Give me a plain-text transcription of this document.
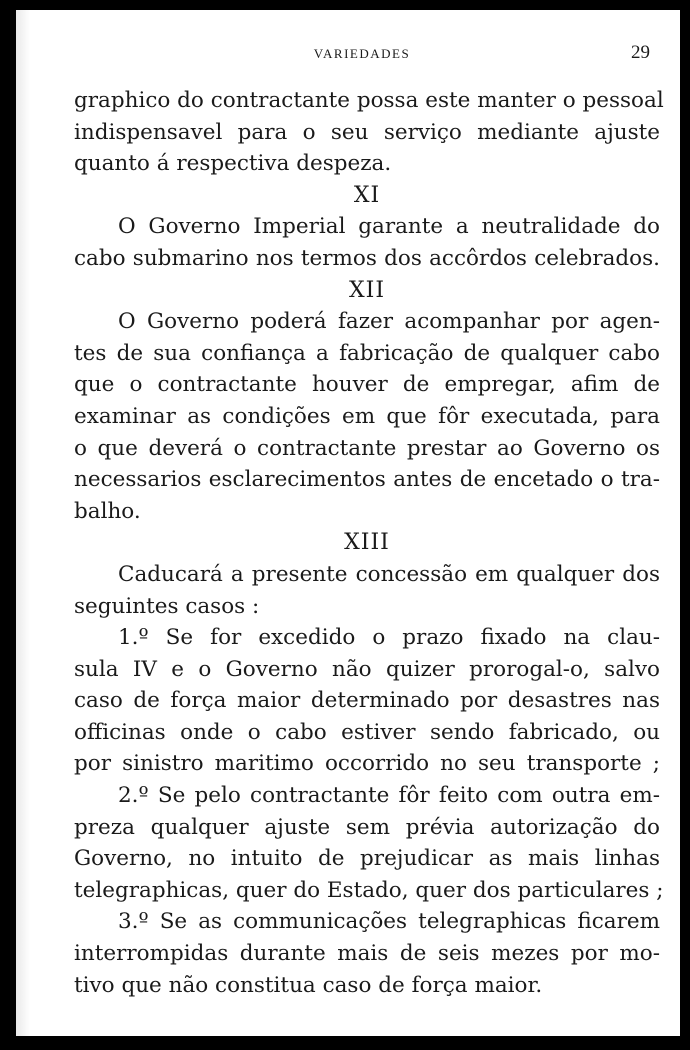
VARIEDADES	29
graphico do contractante possa este manter o pessoal
indispensavel para o seu serviço mediante ajuste
quanto á respectiva despeza.
XI
O Governo Imperial garante a neutralidade do
cabo submarino nos termos dos accôrdos celebrados.
XII
O Governo poderá fazer acompanhar por agen-
tes de sua confiança a fabricação de qualquer cabo
que o contractante houver de empregar, afim de
examinar as condições em que fôr executada, para
o que deverá o contractante prestar ao Governo os
necessarios esclarecimentos antes de encetado o tra-
balho.
XIII
Caducará a presente concessão em qualquer dos
seguintes casos :
1.º Se for excedido o prazo fixado na clau-
sula IV e o Governo não quizer prorogal-o, salvo
caso de força maior determinado por desastres nas
officinas onde o cabo estiver sendo fabricado, ou
por sinistro maritimo occorrido no seu transporte ;
2.º Se pelo contractante fôr feito com outra em-
preza qualquer ajuste sem prévia autorização do
Governo, no intuito de prejudicar as mais linhas
telegraphicas, quer do Estado, quer dos particulares ;
3.º Se as communicações telegraphicas ficarem
interrompidas durante mais de seis mezes por mo-
tivo que não constitua caso de força maior.
